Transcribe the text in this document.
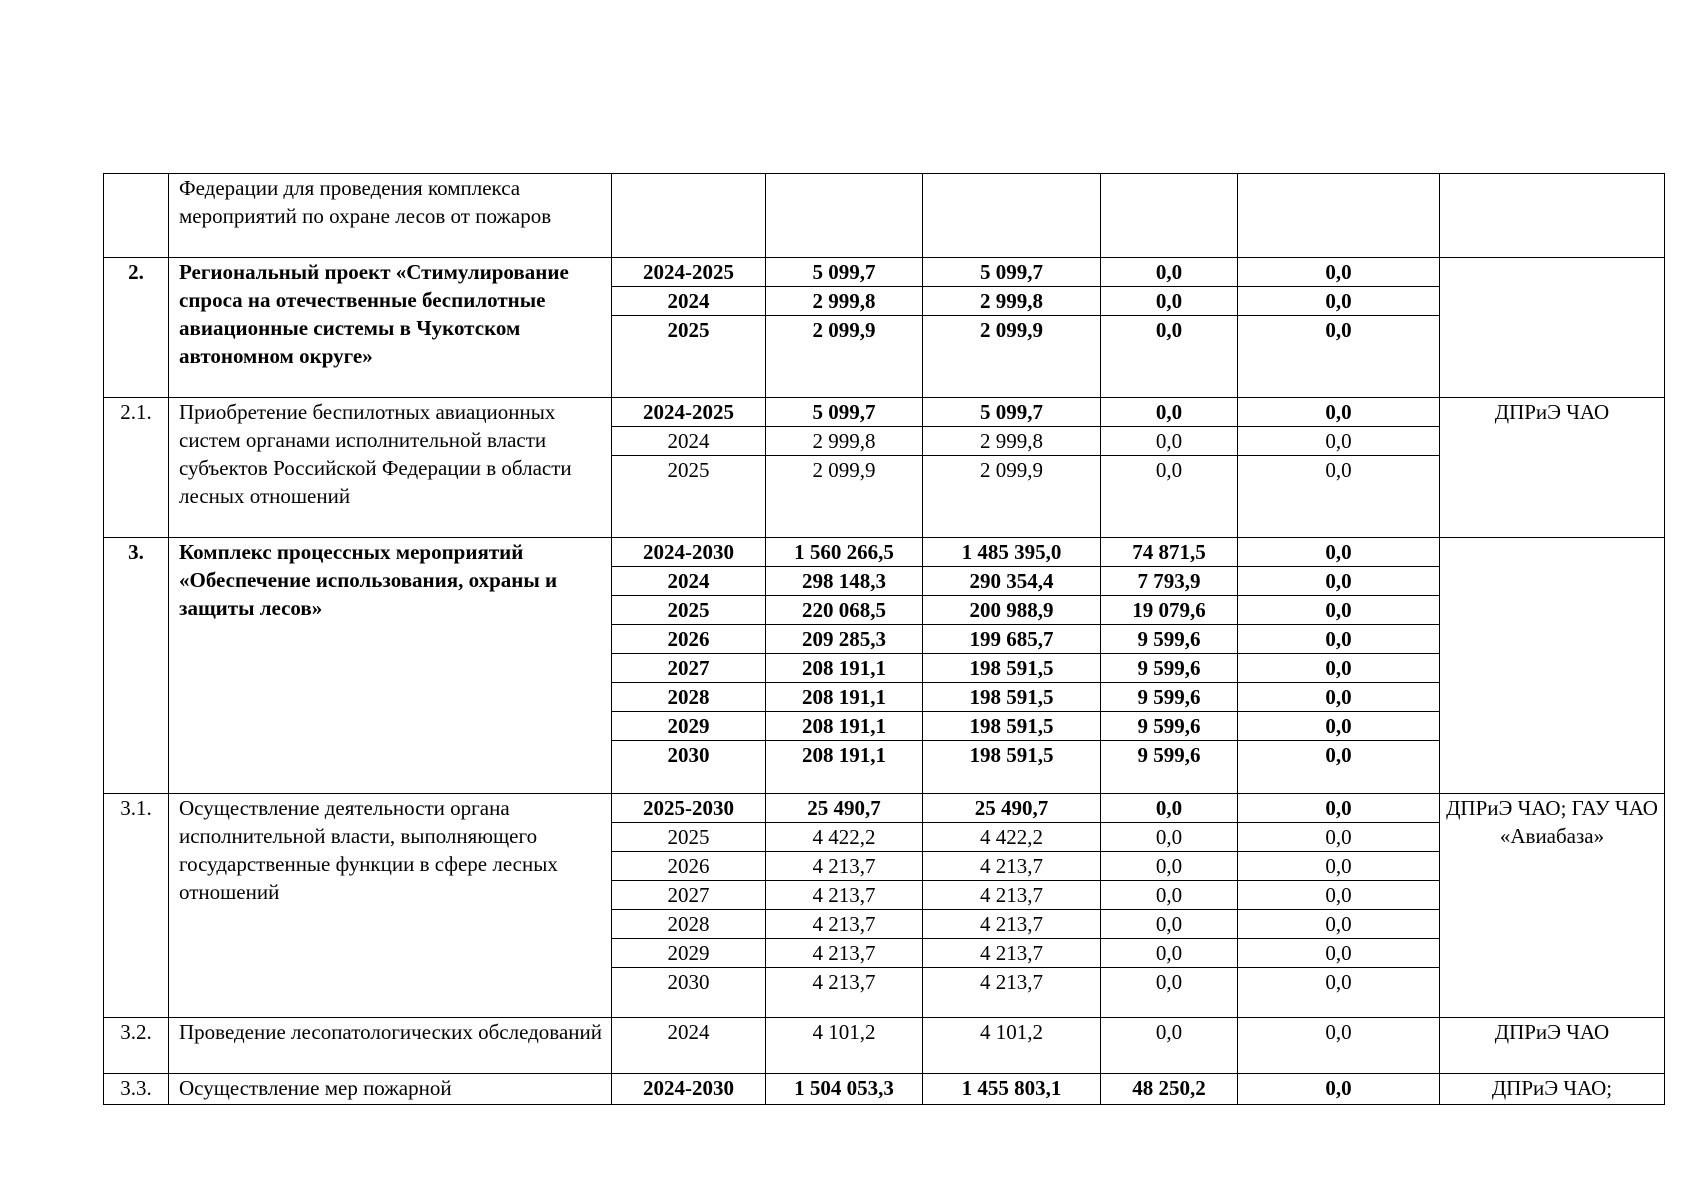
	Федерации для проведения комплекса мероприятий по охране лесов от пожаров						
2.	Региональный проект «Стимулирование спроса на отечественные беспилотные авиационные системы в Чукотском автономном округе»	2024-2025	5 099,7	5 099,7	0,0	0,0	
		2024	2 999,8	2 999,8	0,0	0,0	
		2025	2 099,9	2 099,9	0,0	0,0	
2.1.	Приобретение беспилотных авиационных систем органами исполнительной власти субъектов Российской Федерации в области лесных отношений	2024-2025	5 099,7	5 099,7	0,0	0,0	ДПРиЭ ЧАО
		2024	2 999,8	2 999,8	0,0	0,0	
		2025	2 099,9	2 099,9	0,0	0,0	
3.	Комплекс процессных мероприятий «Обеспечение использования, охраны и защиты лесов»	2024-2030	1 560 266,5	1 485 395,0	74 871,5	0,0	
		2024	298 148,3	290 354,4	7 793,9	0,0	
		2025	220 068,5	200 988,9	19 079,6	0,0	
		2026	209 285,3	199 685,7	9 599,6	0,0	
		2027	208 191,1	198 591,5	9 599,6	0,0	
		2028	208 191,1	198 591,5	9 599,6	0,0	
		2029	208 191,1	198 591,5	9 599,6	0,0	
		2030	208 191,1	198 591,5	9 599,6	0,0	
3.1.	Осуществление деятельности органа исполнительной власти, выполняющего государственные функции в сфере лесных отношений	2025-2030	25 490,7	25 490,7	0,0	0,0	ДПРиЭ ЧАО; ГАУ ЧАО «Авиабаза»
		2025	4 422,2	4 422,2	0,0	0,0	
		2026	4 213,7	4 213,7	0,0	0,0	
		2027	4 213,7	4 213,7	0,0	0,0	
		2028	4 213,7	4 213,7	0,0	0,0	
		2029	4 213,7	4 213,7	0,0	0,0	
		2030	4 213,7	4 213,7	0,0	0,0	
3.2.	Проведение лесопатологических обследований	2024	4 101,2	4 101,2	0,0	0,0	ДПРиЭ ЧАО
3.3.	Осуществление мер пожарной	2024-2030	1 504 053,3	1 455 803,1	48 250,2	0,0	ДПРиЭ ЧАО;
